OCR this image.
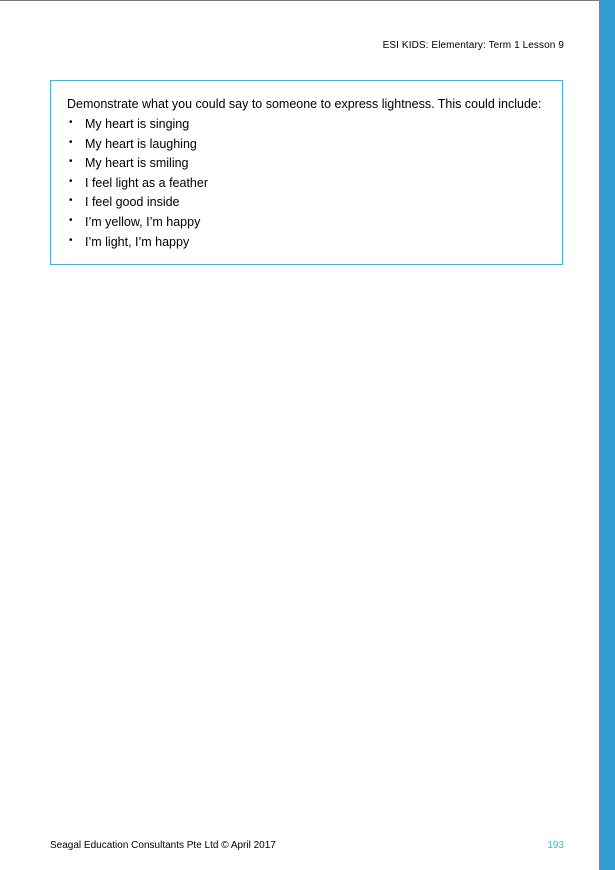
ESI KIDS: Elementary: Term 1 Lesson 9

Demonstrate what you could say to someone to express lightness. This could include:

• My heart is singing
• My heart is laughing
• My heart is smiling
• I feel light as a feather
• I feel good inside
• I’m yellow, I’m happy
• I’m light, I’m happy
Seagal Education Consultants Pte Ltd © April 2017	193
